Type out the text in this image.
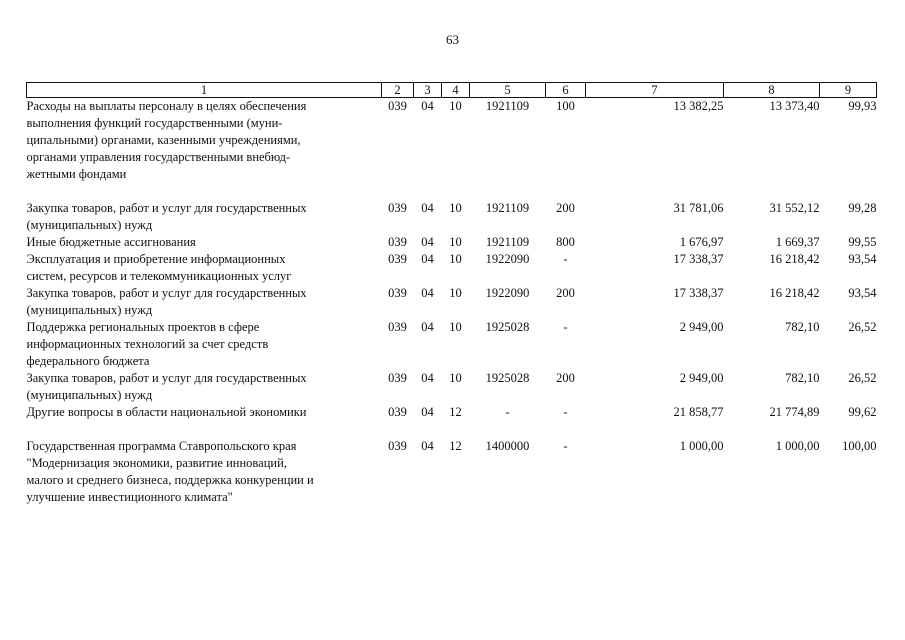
63
1	2	3	4	5	6	7	8	9

Расходы на выплаты персоналу в целях обеспечения
выполнения функций государственными (муни-
ципальными) органами, казенными учреждениями,
органами управления государственными внебюд-
жетными фондами	039	04	10	1921109	100	13 382,25	13 373,40	99,93

Закупка товаров, работ и услуг для государственных
(муниципальных) нужд	039	04	10	1921109	200	31 781,06	31 552,12	99,28

Иные бюджетные ассигнования	039	04	10	1921109	800	1 676,97	1 669,37	99,55

Эксплуатация и приобретение информационных
систем, ресурсов и телекоммуникационных услуг	039	04	10	1922090	-	17 338,37	16 218,42	93,54

Закупка товаров, работ и услуг для государственных
(муниципальных) нужд	039	04	10	1922090	200	17 338,37	16 218,42	93,54

Поддержка региональных проектов в сфере
информационных технологий за счет средств
федерального бюджета	039	04	10	1925028	-	2 949,00	782,10	26,52

Закупка товаров, работ и услуг для государственных
(муниципальных) нужд	039	04	10	1925028	200	2 949,00	782,10	26,52

Другие вопросы в области национальной экономики	039	04	12	-	-	21 858,77	21 774,89	99,62

Государственная программа Ставропольского края
"Модернизация экономики, развитие инноваций,
малого и среднего бизнеса, поддержка конкуренции и
улучшение инвестиционного климата"	039	04	12	1400000	-	1 000,00	1 000,00	100,00
